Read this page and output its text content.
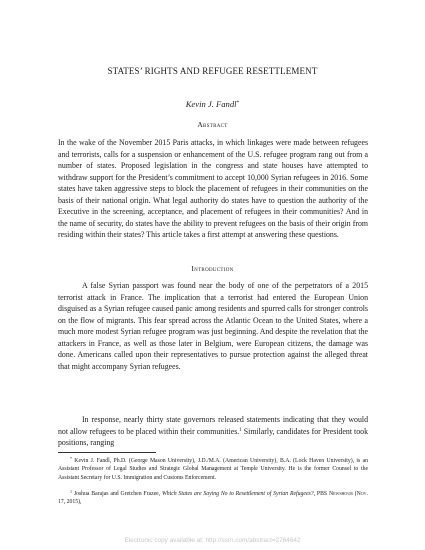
STATES’ RIGHTS AND REFUGEE RESETTLEMENT
Kevin J. Fandl*
Abstract
In the wake of the November 2015 Paris attacks, in which linkages were made between refugees and terrorists, calls for a suspension or enhancement of the U.S. refugee program rang out from a number of states. Proposed legislation in the congress and state houses have attempted to withdraw support for the President’s commitment to accept 10,000 Syrian refugees in 2016. Some states have taken aggressive steps to block the placement of refugees in their communities on the basis of their national origin. What legal authority do states have to question the authority of the Executive in the screening, acceptance, and placement of refugees in their communities? And in the name of security, do states have the ability to prevent refugees on the basis of their origin from residing within their states? This article takes a first attempt at answering these questions.
Introduction
A false Syrian passport was found near the body of one of the perpetrators of a 2015 terrorist attack in France. The implication that a terrorist had entered the European Union disguised as a Syrian refugee caused panic among residents and spurred calls for stronger controls on the flow of migrants. This fear spread across the Atlantic Ocean to the United States, where a much more modest Syrian refugee program was just beginning. And despite the revelation that the attackers in France, as well as those later in Belgium, were European citizens, the damage was done. Americans called upon their representatives to pursue protection against the alleged threat that might accompany Syrian refugees.
In response, nearly thirty state governors released statements indicating that they would not allow refugees to be placed within their communities.$^1$ Similarly, candidates for President took positions, ranging
* Kevin J. Fandl, Ph.D. (George Mason University), J.D./M.A. (American University), B.A. (Lock Haven University), is an Assistant Professor of Legal Studies and Strategic Global Management at Temple University. He is the former Counsel to the Assistant Secretary for U.S. Immigration and Customs Enforcement.
$^1$ Joshua Barajas and Gretchen Frazee, Which States are Saying No to Resettlement of Syrian Refugees?, PBS Newshour (Nov. 17, 2015),
Electronic copy available at: http://ssrn.com/abstract=2764642
